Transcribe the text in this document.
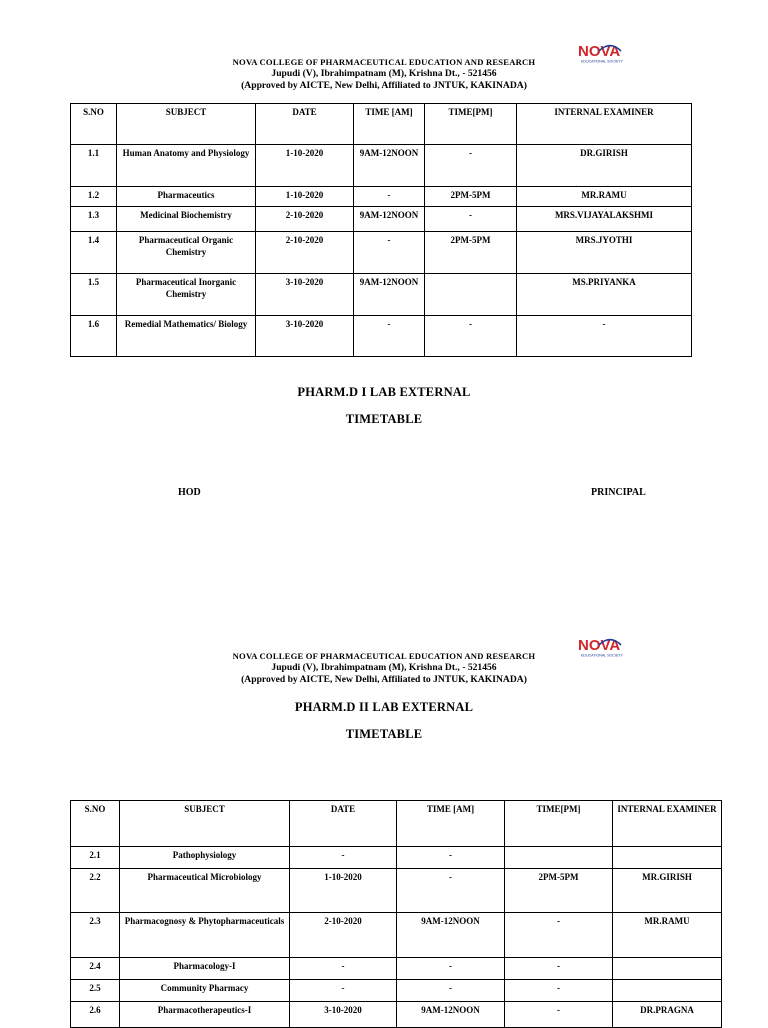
NOVA COLLEGE OF PHARMACEUTICAL EDUCATION AND RESEARCH
Jupudi (V), Ibrahimpatnam (M), Krishna Dt., - 521456
(Approved by AICTE, New Delhi, Affiliated to JNTUK, KAKINADA)
NOVA
EDUCATIONAL SOCIETY
S.NO	SUBJECT	DATE	TIME [AM]	TIME[PM]	INTERNAL EXAMINER
1.1	Human Anatomy and Physiology	1-10-2020	9AM-12NOON	-	DR.GIRISH
1.2	Pharmaceutics	1-10-2020	-	2PM-5PM	MR.RAMU
1.3	Medicinal Biochemistry	2-10-2020	9AM-12NOON	-	MRS.VIJAYALAKSHMI
1.4	Pharmaceutical Organic Chemistry	2-10-2020	-	2PM-5PM	MRS.JYOTHI
1.5	Pharmaceutical Inorganic Chemistry	3-10-2020	9AM-12NOON		MS.PRIYANKA
1.6	Remedial Mathematics/ Biology	3-10-2020	-	-	-
PHARM.D I LAB EXTERNAL
TIMETABLE
HOD	PRINCIPAL
NOVA COLLEGE OF PHARMACEUTICAL EDUCATION AND RESEARCH
Jupudi (V), Ibrahimpatnam (M), Krishna Dt., - 521456
(Approved by AICTE, New Delhi, Affiliated to JNTUK, KAKINADA)
NOVA
EDUCATIONAL SOCIETY
PHARM.D II LAB EXTERNAL
TIMETABLE
S.NO	SUBJECT	DATE	TIME [AM]	TIME[PM]	INTERNAL EXAMINER
2.1	Pathophysiology	-	-		
2.2	Pharmaceutical Microbiology	1-10-2020	-	2PM-5PM	MR.GIRISH
2.3	Pharmacognosy & Phytopharmaceuticals	2-10-2020	9AM-12NOON	-	MR.RAMU
2.4	Pharmacology-I	-	-	-	
2.5	Community Pharmacy	-	-	-	
2.6	Pharmacotherapeutics-I	3-10-2020	9AM-12NOON	-	DR.PRAGNA
